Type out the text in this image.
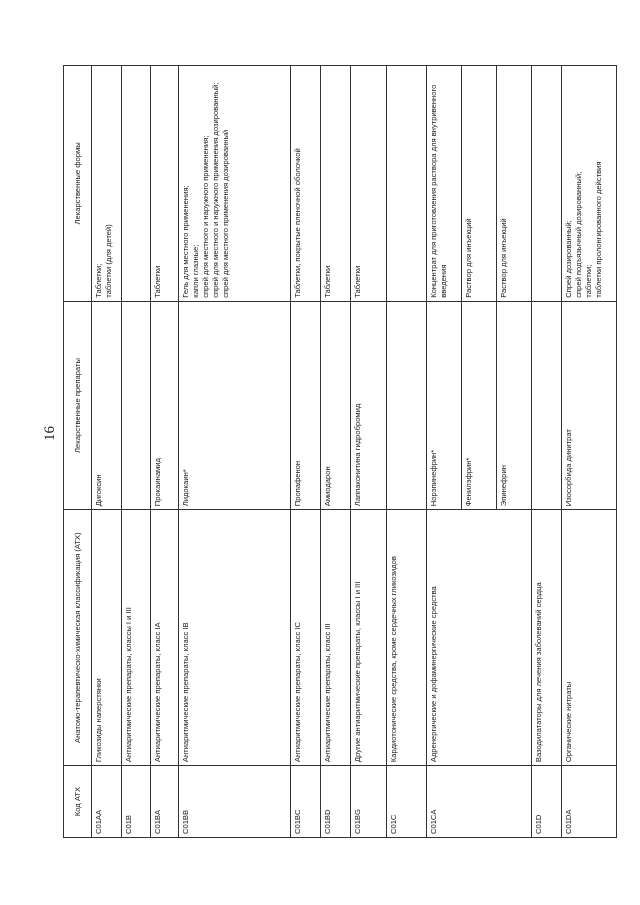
16
Код АТХ	Анатомо-терапевтическо-химическая классификация (АТХ)	Лекарственные препараты	Лекарственные формы
C01AA	Гликозиды наперстянки	Дигоксин	Таблетки; таблетки (для детей)

C01B	Антиаритмические препараты, классы I и III		
C01BA	Антиаритмические препараты, класс IA	Прокаинамид	Таблетки

C01BB	Антиаритмические препараты, класс IB	Лидокаин*	Гель для местного применения; капли глазные; спрей для местного и наружного применения; спрей для местного и наружного применения дозированный; спрей для местного применения дозированный

C01BC	Антиаритмические препараты, класс IC	Пропафенон	Таблетки, покрытые пленочной оболочкой

C01BD	Антиаритмические препараты, класс III	Амиодарон	Таблетки

C01BG	Другие антиаритмические препараты, классы I и III	Лаппаконитина гидробромид	Таблетки

C01C	Кардиотонические средства, кроме сердечных гликозидов		
C01CA	Адренергические и дофаминергические средства	Норэпинефрин*	Концентрат для приготовления раствора для внутривенного введения

		Фенилэфрин*	Раствор для инъекций

		Эпинефрин	Раствор для инъекций

C01D	Вазодилататоры для лечения заболеваний сердца		
C01DA	Органические нитраты	Изосорбида динитрат	Спрей дозированный; спрей подъязычный дозированный; таблетки; таблетки пролонгированного действия
